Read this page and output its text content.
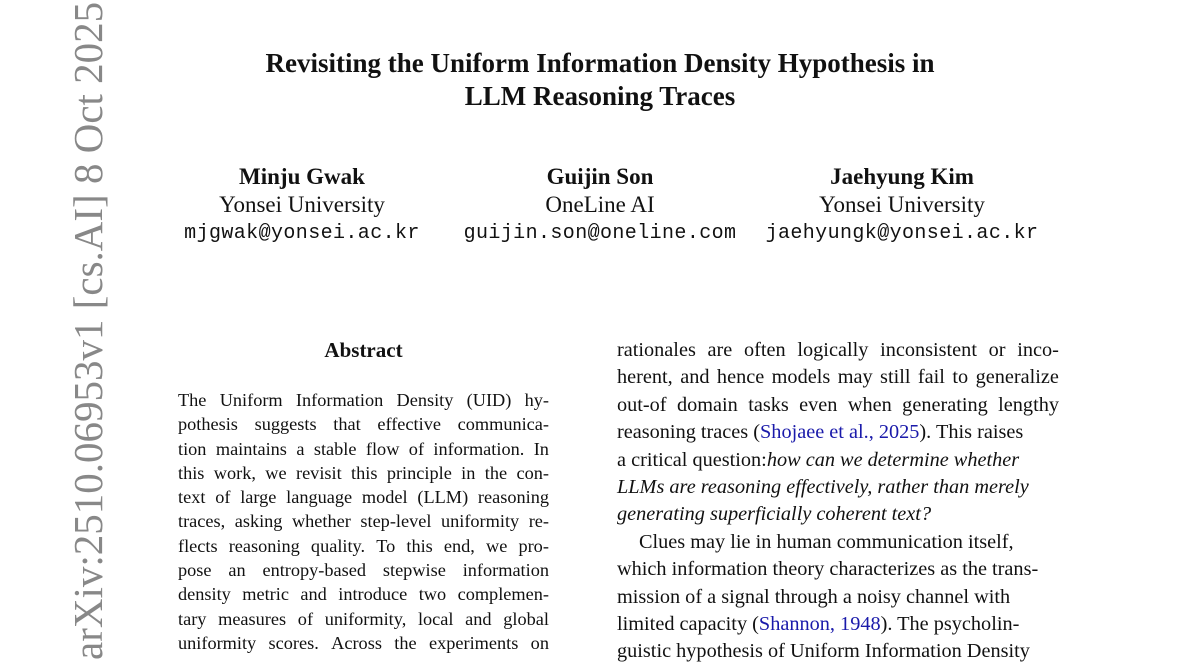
Revisiting the Uniform Information Density Hypothesis in
LLM Reasoning Traces
Minju Gwak
Yonsei University
mjgwak@yonsei.ac.kr
Guijin Son
OneLine AI
guijin.son@oneline.com
Jaehyung Kim
Yonsei University
jaehyungk@yonsei.ac.kr
Abstract
The Uniform Information Density (UID) hy-
pothesis suggests that effective communica-
tion maintains a stable flow of information. In
this work, we revisit this principle in the con-
text of large language model (LLM) reasoning
traces, asking whether step-level uniformity re-
flects reasoning quality. To this end, we pro-
pose an entropy-based stepwise information
density metric and introduce two complemen-
tary measures of uniformity, local and global
uniformity scores. Across the experiments on
rationales are often logically inconsistent or inco-
herent, and hence models may still fail to generalize
out-of domain tasks even when generating lengthy
reasoning traces ( Shojaee et al., 2025 ). This raises
a critical question: how can we determine whether
LLMs are reasoning effectively, rather than merely
generating superficially coherent text?
Clues may lie in human communication itself,
which information theory characterizes as the trans-
mission of a signal through a noisy channel with
limited capacity ( Shannon, 1948 ). The psycholin-
guistic hypothesis of Uniform Information Density
arXiv:2510.06953v1 [cs.AI] 8 Oct 2025
